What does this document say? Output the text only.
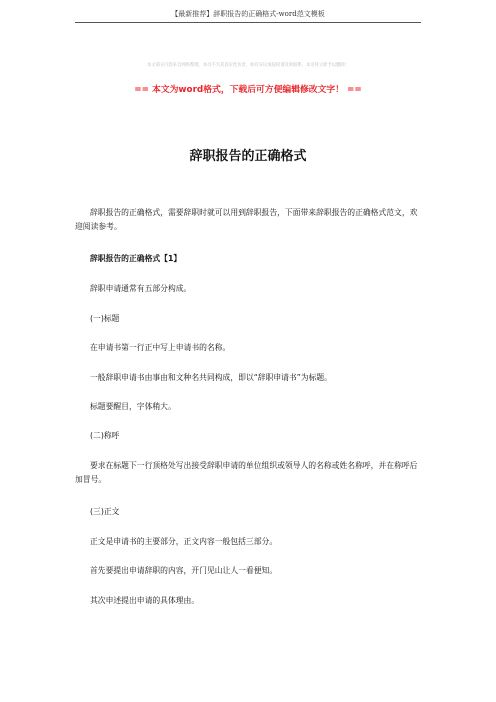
【最新推荐】辞职报告的正确格式-word范文模板
本文部分内容来自网络整理，本司不为其真实性负责，如有异议或侵权请及时联系，本司将立即予以删除！
== 本文为word格式，下载后可方便编辑修改文字！ ==
辞职报告的正确格式
辞职报告的正确格式，需要辞职时就可以用到辞职报告，下面带来辞职报告的正确格式范文，欢迎阅读参考。
辞职报告的正确格式【1】
辞职申请通常有五部分构成。
(一)标题
在申请书第一行正中写上申请书的名称。
一般辞职申请书由事由和文种名共同构成，即以“辞职申请书”为标题。
标题要醒目，字体稍大。
(二)称呼
要求在标题下一行顶格处写出接受辞职申请的单位组织或领导人的名称或姓名称呼，并在称呼后加冒号。
(三)正文
正文是申请书的主要部分，正文内容一般包括三部分。
首先要提出申请辞职的内容，开门见山让人一看便知。
其次申述提出申请的具体理由。
